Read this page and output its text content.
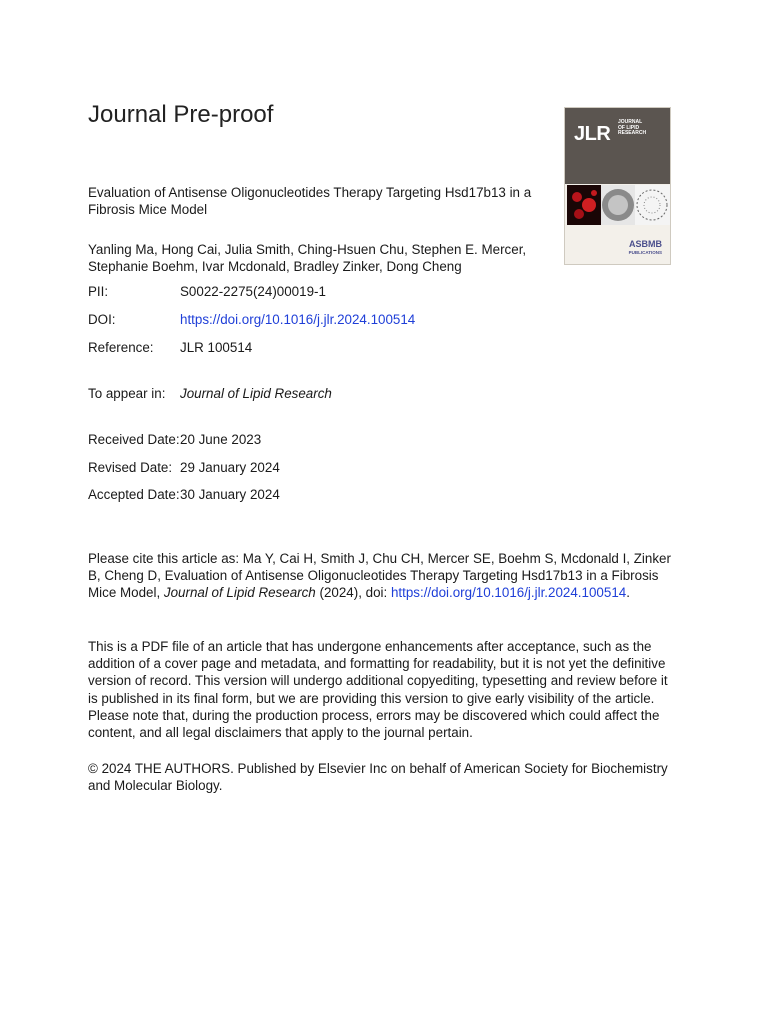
Journal Pre-proof
JLR
JOURNAL
OF LIPID
RESEARCH
ASBMB
PUBLICATIONS
Evaluation of Antisense Oligonucleotides Therapy Targeting Hsd17b13 in a Fibrosis Mice Model
Yanling Ma, Hong Cai, Julia Smith, Ching-Hsuen Chu, Stephen E. Mercer, Stephanie Boehm, Ivar Mcdonald, Bradley Zinker, Dong Cheng
PII:	S0022-2275(24)00019-1
DOI:	https://doi.org/10.1016/j.jlr.2024.100514
Reference: JLR 100514
To appear in: Journal of Lipid Research
Received Date: 20 June 2023
Revised Date: 29 January 2024
Accepted Date: 30 January 2024
Please cite this article as: Ma Y, Cai H, Smith J, Chu CH, Mercer SE, Boehm S, Mcdonald I, Zinker B, Cheng D, Evaluation of Antisense Oligonucleotides Therapy Targeting Hsd17b13 in a Fibrosis Mice Model, Journal of Lipid Research (2024), doi: https://doi.org/10.1016/j.jlr.2024.100514.
This is a PDF file of an article that has undergone enhancements after acceptance, such as the addition of a cover page and metadata, and formatting for readability, but it is not yet the definitive version of record. This version will undergo additional copyediting, typesetting and review before it is published in its final form, but we are providing this version to give early visibility of the article. Please note that, during the production process, errors may be discovered which could affect the content, and all legal disclaimers that apply to the journal pertain.
© 2024 THE AUTHORS. Published by Elsevier Inc on behalf of American Society for Biochemistry and Molecular Biology.
